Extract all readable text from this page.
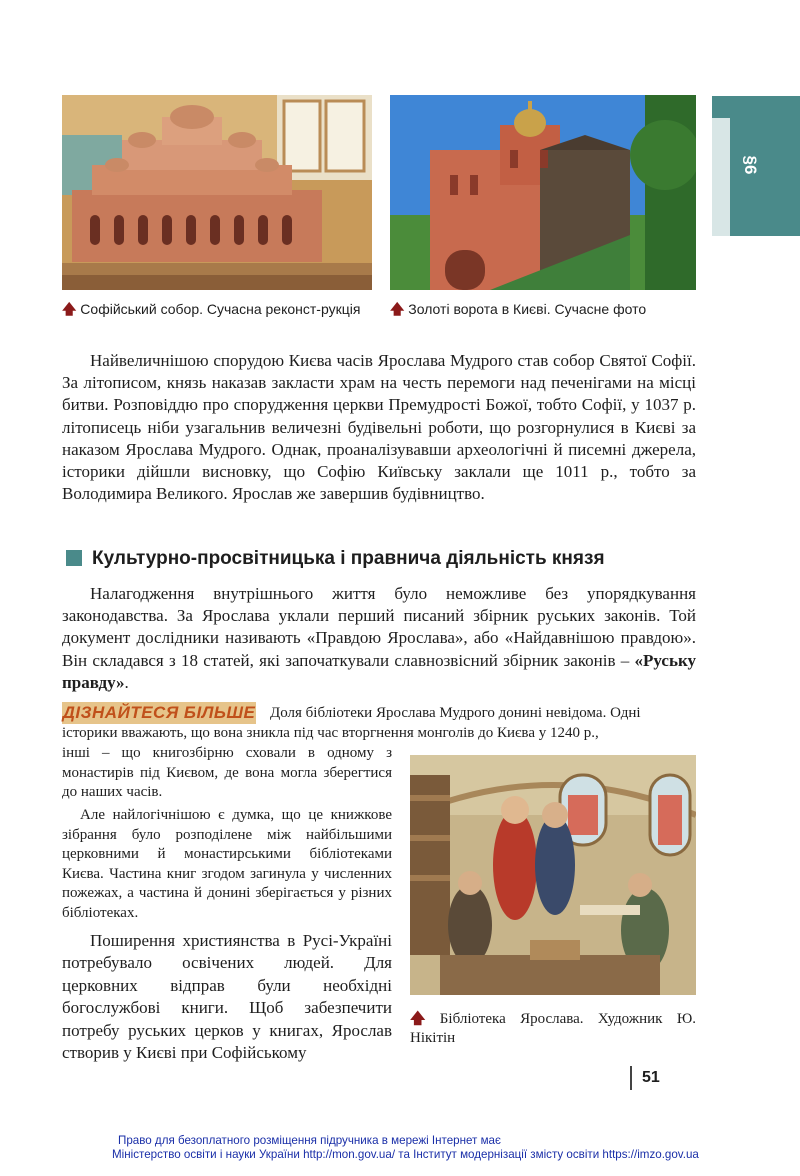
§6
🡅 Софійський собор. Сучасна реконст-рукція	🡅 Золоті ворота в Києві. Сучасне фото

Найвеличнішою спорудою Києва часів Ярослава Мудрого став собор Святої Софії. За літописом, князь наказав закласти храм на честь перемоги над печенігами на місці битви. Розповіддю про спорудження церкви Премудрості Божої, тобто Софії, у 1037 р. літописець ніби узагальнив величезні будівельні роботи, що розгорнулися в Києві за наказом Ярослава Мудрого. Однак, проаналізувавши археологічні й писемні джерела, історики дійшли висновку, що Софію Київську заклали ще 1011 р., тобто за Володимира Великого. Ярослав же завершив будівництво.

Культурно-просвітницька і правнича діяльність князя

Налагодження внутрішнього життя було неможливе без упорядкування законодавства. За Ярослава уклали перший писаний збірник руських законів. Той документ дослідники називають «Правдою Ярослава», або «Найдавнішою правдою». Він складався з 18 статей, які започаткували славнозвісний збірник законів – «Руську правду».

ДІЗНАЙТЕСЯ БІЛЬШЕ Доля бібліотеки Ярослава Мудрого донині невідома. Одні
історики вважають, що вона зникла під час вторгнення монголів до Києва у 1240 р.,

інші – що книгозбірню сховали в одному з монастирів під Києвом, де вона могла зберегтися до наших часів.

Але найлогічнішою є думка, що це книжкове зібрання було розподілене між найбільшими церковними й монастирськими бібліотеками Києва. Частина книг згодом загинула у численних пожежах, а частина й донині зберігається у різних бібліотеках.

Поширення християнства в Русі-Україні потребувало освічених людей. Для церковних відправ були необхідні богослужбові книги. Щоб забезпечити потребу руських церков у книгах, Ярослав створив у Києві при Софійському

🡅 Бібліотека Ярослава. Художник Ю. Нікітін
51
Право для безоплатного розміщення підручника в мережі Інтернет має
Міністерство освіти і науки України http://mon.gov.ua/ та Інститут модернізації змісту освіти https://imzo.gov.ua
